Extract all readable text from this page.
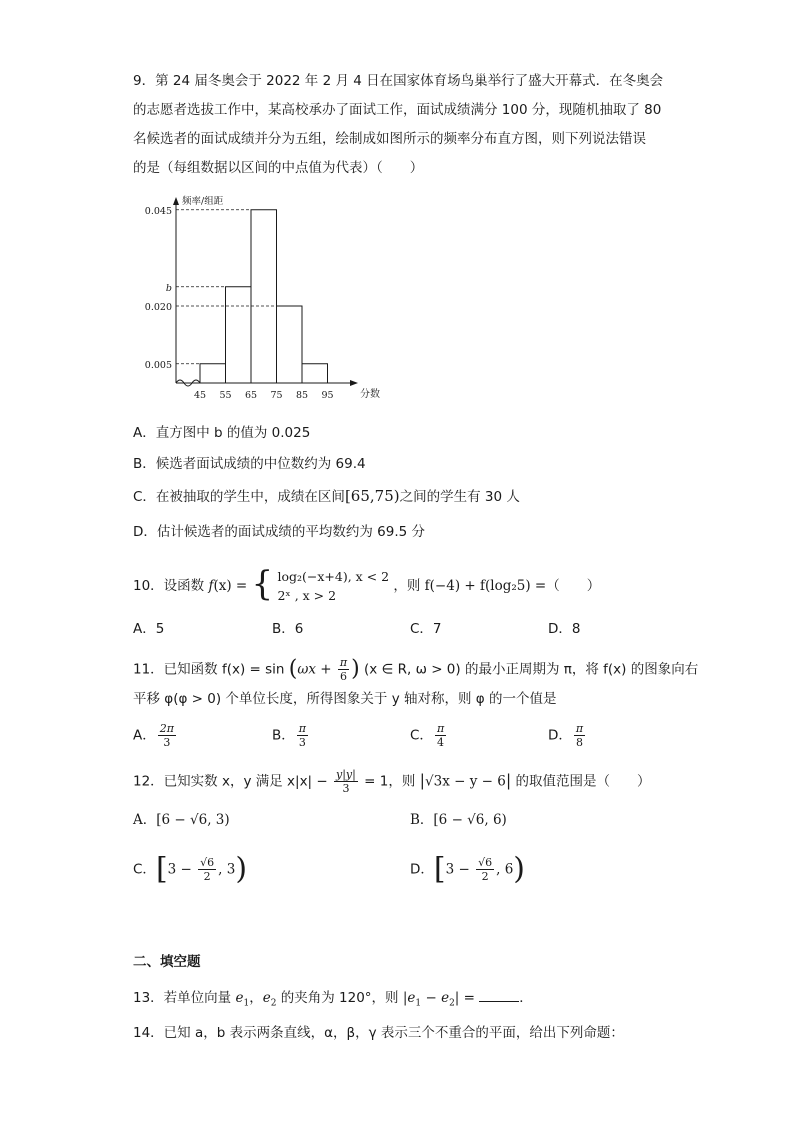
9．第 24 届冬奥会于 2022 年 2 月 4 日在国家体育场鸟巢举行了盛大开幕式．在冬奥会
的志愿者选拔工作中，某高校承办了面试工作，面试成绩满分 100 分，现随机抽取了 80
名候选者的面试成绩并分为五组，绘制成如图所示的频率分布直方图，则下列说法错误
的是（每组数据以区间的中点值为代表）（　　）
0.045
b
0.020
0.005
45 55 65 75 85 95
频率/组距
分数
A．直方图中 b 的值为 0.025
B．候选者面试成绩的中位数约为 69.4
C．在被抽取的学生中，成绩在区间[65,75)之间的学生有 30 人
D．估计候选者的面试成绩的平均数约为 69.5 分
10．设函数 f(x) = { log₂(−x+4), x < 2
2ˣ , x > 2
，则 f(−4) + f(log₂5) =（　　）
A．5	B．6	C．7	D．8
11．已知函数 $f(x) = \sin (\omega x + \frac{\pi}{6}$ ) (x ∈ R, ω > 0) 的最小正周期为 π，将 f(x) 的图象向右
平移 φ(φ > 0) 个单位长度，所得图象关于 y 轴对称，则 φ 的一个值是
A． $\frac{2\pi}{3}$	B． $\frac{\pi}{3}$	C． $\frac{\pi}{4}$	D． $\frac{\pi}{8}$
12．已知实数 x，y 满足 $x|x| - \frac{y|y|}{3} = 1$，则 |√3x − y − 6| 的取值范围是（　　）
A．[6 − √6, 3)	B．[6 − √6, 6)
C．[$3 - \frac{√6}{2}$ , 3)	D．[$3 - \frac{√6}{2}$ , 6)
二、填空题
13．若单位向量 $e_1$，$e_2$ 的夹角为 120°，则 $|e_1 - e_2|$ =	．
14．已知 a，b 表示两条直线，α，β，γ 表示三个不重合的平面，给出下列命题：
